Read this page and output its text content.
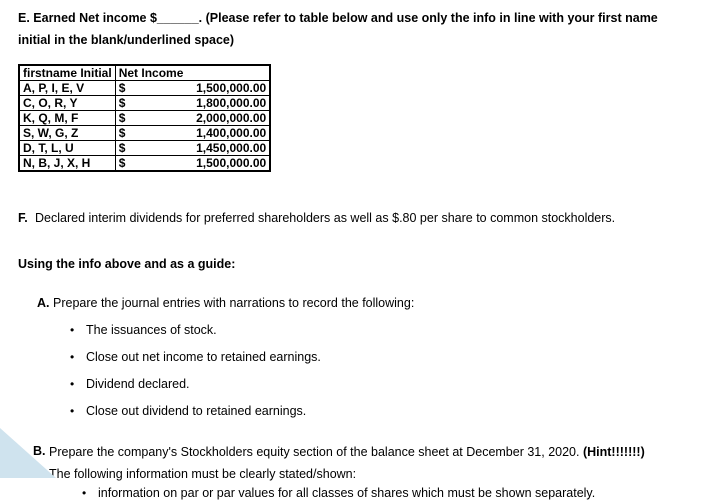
E. Earned Net income $______. (Please refer to table below and use only the info in line with your first name initial in the blank/underlined space)
firstname Initial	Net Income
A, P, I, E, V	$ 1,500,000.00

C, O, R, Y	$ 1,800,000.00

K, Q, M, F	$ 2,000,000.00

S, W, G, Z	$ 1,400,000.00

D, T, L, U	$ 1,450,000.00

N, B, J, X, H	$ 1,500,000.00
F. Declared interim dividends for preferred shareholders as well as $.80 per share to common stockholders.
Using the info above and as a guide:
A. Prepare the journal entries with narrations to record the following:
• The issuances of stock.
• Close out net income to retained earnings.
• Dividend declared.
• Close out dividend to retained earnings.
B. Prepare the company's Stockholders equity section of the balance sheet at December 31, 2020. (Hint!!!!!!!) The following information must be clearly stated/shown:
• information on par or par values for all classes of shares which must be shown separately.
